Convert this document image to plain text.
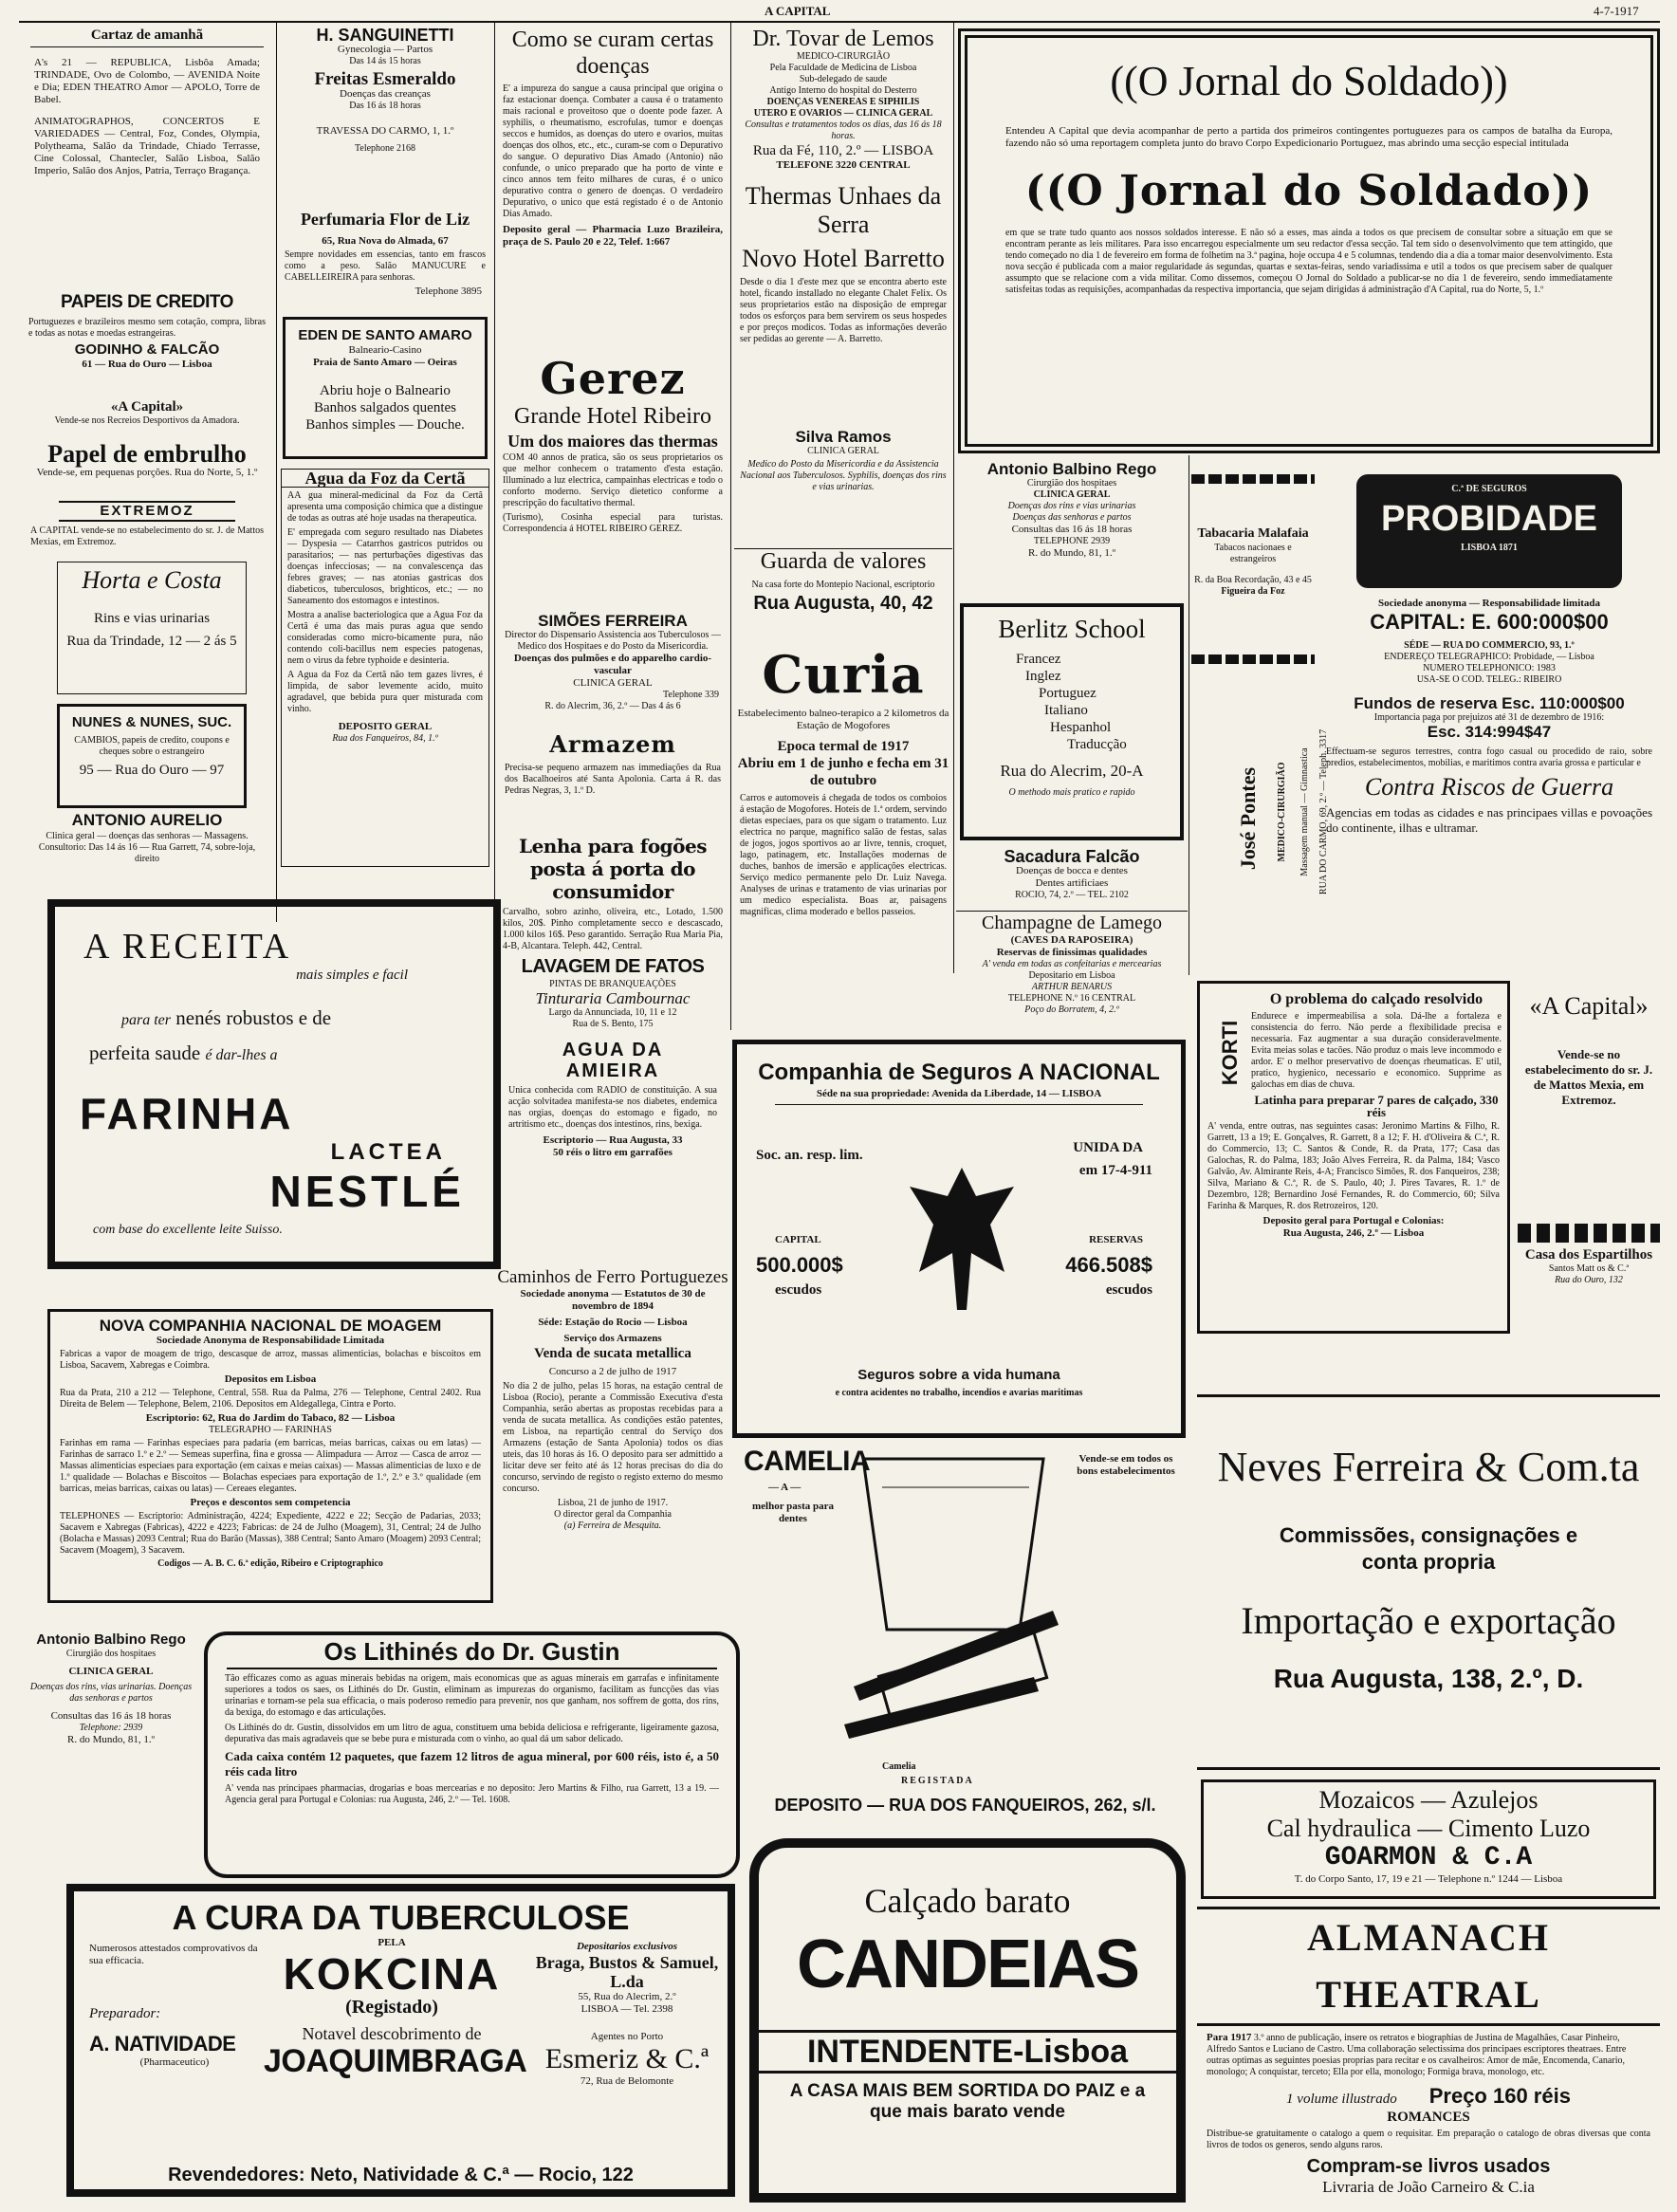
A CAPITAL	4-7-1917
Cartaz de amanhã

A's 21 — REPUBLICA, Lisbôa Amada; TRINDADE, Ovo de Colombo, — AVENIDA Noite e Dia; EDEN THEATRO Amor — APOLO, Torre de Babel.

ANIMATOGRAPHOS, CONCERTOS E VARIEDADES — Central, Foz, Condes, Olympia, Polytheama, Salão da Trindade, Chiado Terrasse, Cine Colossal, Chantecler, Salão Lisboa, Salão Imperio, Salão dos Anjos, Patria, Terraço Bragança.

PAPEIS DE CREDITO

Portuguezes e brazileiros mesmo sem cotação, compra, libras e todas as notas e moedas estrangeiras.

GODINHO & FALCÃO
61 — Rua do Ouro — Lisboa
«A Capital»
Vende-se nos Recreios Desportivos da Amadora.
Papel de embrulho
Vende-se, em pequenas porções. Rua do Norte, 5, 1.º
EXTREMOZ
A CAPITAL vende-se no estabelecimento do sr. J. de Mattos Mexias, em Extremoz.
Horta e Costa
Rins e vias urinarias
Rua da Trindade, 12 — 2 ás 5
NUNES & NUNES, SUC.
CAMBIOS, papeis de credito, coupons e cheques sobre o estrangeiro
95 — Rua do Ouro — 97
ANTONIO AURELIO
Clinica geral — doenças das senhoras — Massagens. Consultorio: Das 14 ás 16 — Rua Garrett, 74, sobre-loja, direito
H. SANGUINETTI
Gynecologia — Partos
Das 14 ás 15 horas
Freitas Esmeraldo
Doenças das creanças
Das 16 ás 18 horas
TRAVESSA DO CARMO, 1, 1.º
Telephone 2168
Perfumaria Flor de Liz
65, Rua Nova do Almada, 67
Sempre novidades em essencias, tanto em frascos como a peso. Salão MANUCURE e CABELLEIREIRA para senhoras.
Telephone 3895
EDEN DE SANTO AMARO
Balneario-Casino
Praia de Santo Amaro — Oeiras
Abriu hoje o Balneario
Banhos salgados quentes
Banhos simples — Douche.
Agua da Foz da Certã

AA gua mineral-medicinal da Foz da Certã apresenta uma composição chimica que a distingue de todas as outras até hoje usadas na therapeutica.

E' empregada com seguro resultado nas Diabetes — Dyspesia — Catarrhos gastricos putridos ou parasitarios; — nas perturbações digestivas das doenças infecciosas; — na convalescença das febres graves; — nas atonias gastricas dos diabeticos, tuberculosos, brighticos, etc.; — no Saneamento dos estomagos e intestinos.

Mostra a analise bacteriologica que a Agua Foz da Certã é uma das mais puras agua que sendo consideradas como micro-bicamente pura, não contendo coli-bacillus nem especies patogenas, nem o virus da febre typhoide e desinteria.

A Agua da Foz da Certã não tem gazes livres, é limpida, de sabor levemente acido, muito agradavel, que bebida pura quer misturada com vinho.

DEPOSITO GERAL
Rua dos Fanqueiros, 84, 1.º
Como se curam certas doenças

E' a impureza do sangue a causa principal que origina o faz estacionar doença. Combater a causa é o tratamento mais racional e proveitoso que o doente pode fazer. A syphilis, o rheumatismo, escrofulas, tumor e doenças seccos e humidos, as doenças do utero e ovarios, muitas doenças dos olhos, etc., etc., curam-se com o Depurativo do sangue. O depurativo Dias Amado (Antonio) não confunde, o unico preparado que ha porto de vinte e cinco annos tem feito milhares de curas, é o unico depurativo contra o genero de doenças. O verdadeiro Depurativo, o unico que está registado é o de Antonio Dias Amado.

Deposito geral — Pharmacia Luzo Brazileira, praça de S. Paulo 20 e 22, Telef. 1:667

Gerez
Grande Hotel Ribeiro
Um dos maiores das thermas

COM 40 annos de pratica, são os seus proprietarios os que melhor conhecem o tratamento d'esta estação. Illuminado a luz electrica, campainhas electricas e todo o conforto moderno. Serviço dietetico conforme a prescripção do facultativo thermal.

(Turismo), Cosinha especial para turistas. Correspondencia á HOTEL RIBEIRO GEREZ.

SIMÕES FERREIRA
Director do Dispensario Assistencia aos Tuberculosos — Medico dos Hospitaes e do Posto da Misericordia.
Doenças dos pulmões e do apparelho cardio-vascular
CLINICA GERAL
Telephone 339
R. do Alecrim, 36, 2.º — Das 4 ás 6
Armazem

Precisa-se pequeno armazem nas immediações da Rua dos Bacalhoeiros até Santa Apolonia. Carta á R. das Pedras Negras, 3, 1.º D.

Lenha para fogões posta á porta do consumidor

Carvalho, sobro azinho, oliveira, etc., Lotado, 1.500 kilos, 20$. Pinho completamente secco e descascado, 1.000 kilos 16$. Peso garantido. Serração Rua Maria Pia, 4-B, Alcantara. Teleph. 442, Central.

LAVAGEM DE FATOS
PINTAS DE BRANQUEAÇÕES
Tinturaria Cambournac
Largo da Annunciada, 10, 11 e 12
Rua de S. Bento, 175
AGUA DA AMIEIRA

Unica conhecida com RADIO de constituição. A sua acção solvitadea manifesta-se nos diabetes, endemica nas orgias, doenças do estomago e figado, no artritismo etc., doenças dos intestinos, rins, bexiga.

Escriptorio — Rua Augusta, 33
50 réis o litro em garrafões
Caminhos de Ferro Portuguezes
Sociedade anonyma — Estatutos de 30 de novembro de 1894
Séde: Estação do Rocio — Lisboa
Serviço dos Armazens
Venda de sucata metallica
Concurso a 2 de julho de 1917

No dia 2 de julho, pelas 15 horas, na estação central de Lisboa (Rocio), perante a Commissão Executiva d'esta Companhia, serão abertas as propostas recebidas para a venda de sucata metallica. As condições estão patentes, em Lisboa, na repartição central do Serviço dos Armazens (estação de Santa Apolonia) todos os dias uteis, das 10 horas ás 16. O deposito para ser admittido a licitar deve ser feito até ás 12 horas precisas do dia do concurso, servindo de registo o registo externo do mesmo concurso.

Lisboa, 21 de junho de 1917.
O director geral da Companhia
(a) Ferreira de Mesquita.
Dr. Tovar de Lemos
MEDICO-CIRURGIÃO
Pela Faculdade de Medicina de Lisboa
Sub-delegado de saude
Antigo Interno do hospital do Desterro
DOENÇAS VENEREAS E SIPHILIS
UTERO E OVARIOS — CLINICA GERAL
Consultas e tratamentos todos os dias, das 16 ás 18 horas.
Rua da Fé, 110, 2.º — LISBOA
TELEFONE 3220 CENTRAL
Thermas Unhaes da Serra
Novo Hotel Barretto

Desde o dia 1 d'este mez que se encontra aberto este hotel, ficando installado no elegante Chalet Felix. Os seus proprietarios estão na disposição de empregar todos os esforços para bem servirem os seus hospedes e por preços modicos. Todas as informações deverão ser pedidas ao gerente — A. Barretto.

Silva Ramos
CLINICA GERAL
Medico do Posto da Misericordia e da Assistencia Nacional aos Tuberculosos. Syphilis, doenças dos rins e vias urinarias.
Guarda de valores
Na casa forte do Montepio Nacional, escriptorio
Rua Augusta, 40, 42
Curia
Estabelecimento balneo-terapico a 2 kilometros da Estação de Mogofores
Epoca termal de 1917
Abriu em 1 de junho e fecha em 31 de outubro

Carros e automoveis á chegada de todos os comboios á estação de Mogofores. Hoteis de 1.ª ordem, servindo dietas especiaes, para os que sigam o tratamento. Luz electrica no parque, magnifico salão de festas, salas de jogos, jogos sportivos ao ar livre, tennis, croquet, lago, patinagem, etc. Installações modernas de duches, banhos de imersão e applicações electricas. Serviço medico permanente pelo Dr. Luiz Navega. Analyses de urinas e tratamento de vias urinarias por um medico especialista. Boas ar, paisagens magnificas, clima moderado e bellos passeios.

((O Jornal do Soldado))

Entendeu A Capital que devia acompanhar de perto a partida dos primeiros contingentes portuguezes para os campos de batalha da Europa, fazendo não só uma reportagem completa junto do bravo Corpo Expedicionario Portuguez, mas abrindo uma secção especial intitulada

((O Jornal do Soldado))

em que se trate tudo quanto aos nossos soldados interesse. E não só a esses, mas ainda a todos os que precisem de consultar sobre a situação em que se encontram perante as leis militares. Para isso encarregou especialmente um seu redactor d'essa secção. Tal tem sido o desenvolvimento que tem attingido, que tendo começado no dia 1 de fevereiro em forma de folhetim na 3.ª pagina, hoje occupa 4 e 5 columnas, tendendo dia a dia a tomar maior desenvolvimento. Esta nova secção é publicada com a maior regularidade ás segundas, quartas e sextas-feiras, sendo variadissima e util a todos os que precisem saber de qualquer assumpto que se relacione com a vida militar. Como dissemos, começou O Jornal do Soldado a publicar-se no dia 1 de fevereiro, sendo immediatamente satisfeitas todas as requisições, acompanhadas da respectiva importancia, que sejam dirigidas á administração d'A Capital, rua do Norte, 5, 1.º

Antonio Balbino Rego
Cirurgião dos hospitaes
CLINICA GERAL
Doenças dos rins e vias urinarias
Doenças das senhoras e partos
Consultas das 16 ás 18 horas
TELEPHONE 2939
R. do Mundo, 81, 1.º
Berlitz School
Francez
Inglez
Portuguez
Italiano
Hespanhol
Traducção
Rua do Alecrim, 20-A
O methodo mais pratico e rapido
Sacadura Falcão
Doenças de bocca e dentes
Dentes artificiaes
ROCIO, 74, 2.º — TEL. 2102
Champagne de Lamego
(CAVES DA RAPOSEIRA)
Reservas de finissimas qualidades
A' venda em todas as confeitarias e mercearias
Depositario em Lisboa
ARTHUR BENARUS
TELEPHONE N.º 16 CENTRAL
Poço do Borratem, 4, 2.º
Tabacaria Malafaia
Tabacos nacionaes e estrangeiros
R. da Boa Recordação, 43 e 45
Figueira da Foz
José Pontes MEDICO-CIRURGIÃO Massagem manual — Gimnastica RUA DO CARMO, 69, 2.º — Teleph. 3317
C.ª DE SEGUROS
PROBIDADE
LISBOA 1871
Sociedade anonyma — Responsabilidade limitada
CAPITAL: E. 600:000$00
SÉDE — RUA DO COMMERCIO, 93, 1.º
ENDEREÇO TELEGRAPHICO: Probidade, — Lisboa
NUMERO TELEPHONICO: 1983
USA-SE O COD. TELEG.: RIBEIRO
Fundos de reserva Esc. 110:000$00
Importancia paga por prejuizos até 31 de dezembro de 1916:
Esc. 314:994$47

Effectuam-se seguros terrestres, contra fogo casual ou procedido de raio, sobre predios, estabelecimentos, mobilias, e maritimos contra avaria grossa e particular e

Contra Riscos de Guerra

Agencias em todas as cidades e nas principaes villas e povoações do continente, ilhas e ultramar.

A RECEITA
mais simples e facil
para ter nenés robustos e de
perfeita saude é dar-lhes a
FARINHA
LACTEA
NESTLÉ
com base do excellente leite Suisso.
NOVA COMPANHIA NACIONAL DE MOAGEM
Sociedade Anonyma de Responsabilidade Limitada

Fabricas a vapor de moagem de trigo, descasque de arroz, massas alimenticias, bolachas e biscoitos em Lisboa, Sacavem, Xabregas e Coimbra.

Depositos em Lisboa

Rua da Prata, 210 a 212 — Telephone, Central, 558. Rua da Palma, 276 — Telephone, Central 2402. Rua Direita de Belem — Telephone, Belem, 2106. Depositos em Aldegallega, Cintra e Porto.

Escriptorio: 62, Rua do Jardim do Tabaco, 82 — Lisboa
TELEGRAPHO — FARINHAS

Farinhas em rama — Farinhas especiaes para padaria (em barricas, meias barricas, caixas ou em latas) — Farinhas de sarraco 1.º e 2.º — Semeas superfina, fina e grossa — Alimpadura — Arroz — Casca de arroz — Massas alimenticias especiaes para exportação (em caixas e meias caixas) — Massas alimenticias de luxo e de 1.º qualidade — Bolachas e Biscoitos — Bolachas especiaes para exportação de 1.º, 2.º e 3.º qualidade (em barricas, meias barricas, caixas ou latas) — Cereaes elegantes.

Preços e descontos sem competencia

TELEPHONES — Escriptorio: Administração, 4224; Expediente, 4222 e 22; Secção de Padarias, 2033; Sacavem e Xabregas (Fabricas), 4222 e 4223; Fabricas: de 24 de Julho (Moagem), 31, Central; 24 de Julho (Bolacha e Massas) 2093 Central; Rua do Barão (Massas), 388 Central; Santo Amaro (Moagem) 2093 Central; Sacavem (Moagem), 3 Sacavem.

Codigos — A. B. C. 6.ª edição, Ribeiro e Criptographico
Antonio Balbino Rego
Cirurgião dos hospitaes
CLINICA GERAL
Doenças dos rins, vias urinarias. Doenças das senhoras e partos
Consultas das 16 ás 18 horas
Telephone: 2939
R. do Mundo, 81, 1.º
Os Lithinés do Dr. Gustin

Tão efficazes como as aguas minerais bebidas na origem, mais economicas que as aguas minerais em garrafas e infinitamente superiores a todos os saes, os Lithinés do Dr. Gustin, eliminam as impurezas do organismo, facilitam as funcções das vias urinarias e tornam-se pela sua efficacia, o mais poderoso remedio para prevenir, nos que ganham, nos soffrem de gotta, dos rins, da bexiga, do estomago e das articulações.

Os Lithinés do dr. Gustin, dissolvidos em um litro de agua, constituem uma bebida deliciosa e refrigerante, ligeiramente gazosa, depurativa das mais agradaveis que se bebe pura e misturada com o vinho, ao qual dá um sabor delicado.

Cada caixa contém 12 paquetes, que fazem 12 litros de agua mineral, por 600 réis, isto é, a 50 réis cada litro

A' venda nas principaes pharmacias, drogarias e boas mercearias e no deposito: Jero Martins & Filho, rua Garrett, 13 a 19. — Agencia geral para Portugal e Colonias: rua Augusta, 246, 2.º — Tel. 1608.

A CURA DA TUBERCULOSE
Numerosos attestados comprovativos da sua efficacia.
Preparador:
A. NATIVIDADE
(Pharmaceutico)
PELA
KOKCINA
(Registado)
Notavel descobrimento de
JOAQUIMBRAGA
Depositarios exclusivos
Braga, Bustos & Samuel, L.da
55, Rua do Alecrim, 2.º
LISBOA — Tel. 2398
Agentes no Porto
Esmeriz & C.ª
72, Rua de Belomonte
Revendedores: Neto, Natividade & C.ª — Rocio, 122
Companhia de Seguros A NACIONAL
Séde na sua propriedade: Avenida da Liberdade, 14 — LISBOA
Soc. an. resp. lim.	UNIDA DA
em 17-4-911
CAPITAL
500.000$
escudos
RESERVAS
466.508$
escudos
Seguros sobre a vida humana
e contra acidentes no trabalho, incendios e avarias maritimas
CAMELIA
— A —
melhor pasta para dentes
Vende-se em todos os bons estabelecimentos
Camelia
REGISTADA
DEPOSITO — RUA DOS FANQUEIROS, 262, s/l.
Calçado barato
CANDEIAS
INTENDENTE-Lisboa
A CASA MAIS BEM SORTIDA DO PAIZ e a que mais barato vende
KORTI
O problema do calçado resolvido

Endurece e impermeabilisa a sola. Dá-lhe a fortaleza e consistencia do ferro. Não perde a flexibilidade precisa e necessaria. Faz augmentar a sua duração consideravelmente. Evita meias solas e tacões. Não produz o mais leve incommodo e ardor. E' o melhor preservativo de doenças rheumaticas. E' util, pratico, hygienico, necessario e economico. Supprime as galochas em dias de chuva.

Latinha para preparar 7 pares de calçado, 330 réis

A' venda, entre outras, nas seguintes casas: Jeronimo Martins & Filho, R. Garrett, 13 a 19; E. Gonçalves, R. Garrett, 8 a 12; F. H. d'Oliveira & C.ª, R. do Commercio, 13; C. Santos & Conde, R. da Prata, 177; Casa das Galochas, R. do Palma, 183; João Alves Ferreira, R. da Palma, 184; Vasco Galvão, Av. Almirante Reis, 4-A; Francisco Simões, R. dos Fanqueiros, 238; Silva, Mariano & C.ª, R. de S. Paulo, 40; J. Pires Tavares, R. 1.º de Dezembro, 128; Bernardino José Fernandes, R. do Commercio, 60; Silva Farinha & Marques, R. dos Retrozeiros, 120.

Deposito geral para Portugal e Colonias:
Rua Augusta, 246, 2.º — Lisboa
«A Capital»
Vende-se no estabelecimento do sr. J. de Mattos Mexia, em Extremoz.
Casa dos Espartilhos
Santos Matt os & C.ª
Rua do Ouro, 132
Neves Ferreira & Com.ta
Commissões, consignações e conta propria
Importação e exportação
Rua Augusta, 138, 2.º, D.
Mozaicos — Azulejos
Cal hydraulica — Cimento Luzo
GOARMON & C.A
T. do Corpo Santo, 17, 19 e 21 — Telephone n.º 1244 — Lisboa
ALMANACH THEATRAL
Para 1917 3.º anno de publicação, insere os retratos e biographias de Justina de Magalhães, Casar Pinheiro, Alfredo Santos e Luciano de Castro. Uma collaboração selectissima dos principaes escriptores theatraes. Entre outras optimas as seguintes poesias proprias para recitar e os cavalheiros: Amor de mãe, Encomenda, Canario, monologo; A conquistar, terceto; Ella por ella, monologo; Formiga brava, monologo, etc.
1 volume illustrado Preço 160 réis
ROMANCES

Distribue-se gratuitamente o catalogo a quem o requisitar. Em preparação o catalogo de obras diversas que conta livros de todos os generos, sendo alguns raros.

Compram-se livros usados
Livraria de João Carneiro & C.ia
